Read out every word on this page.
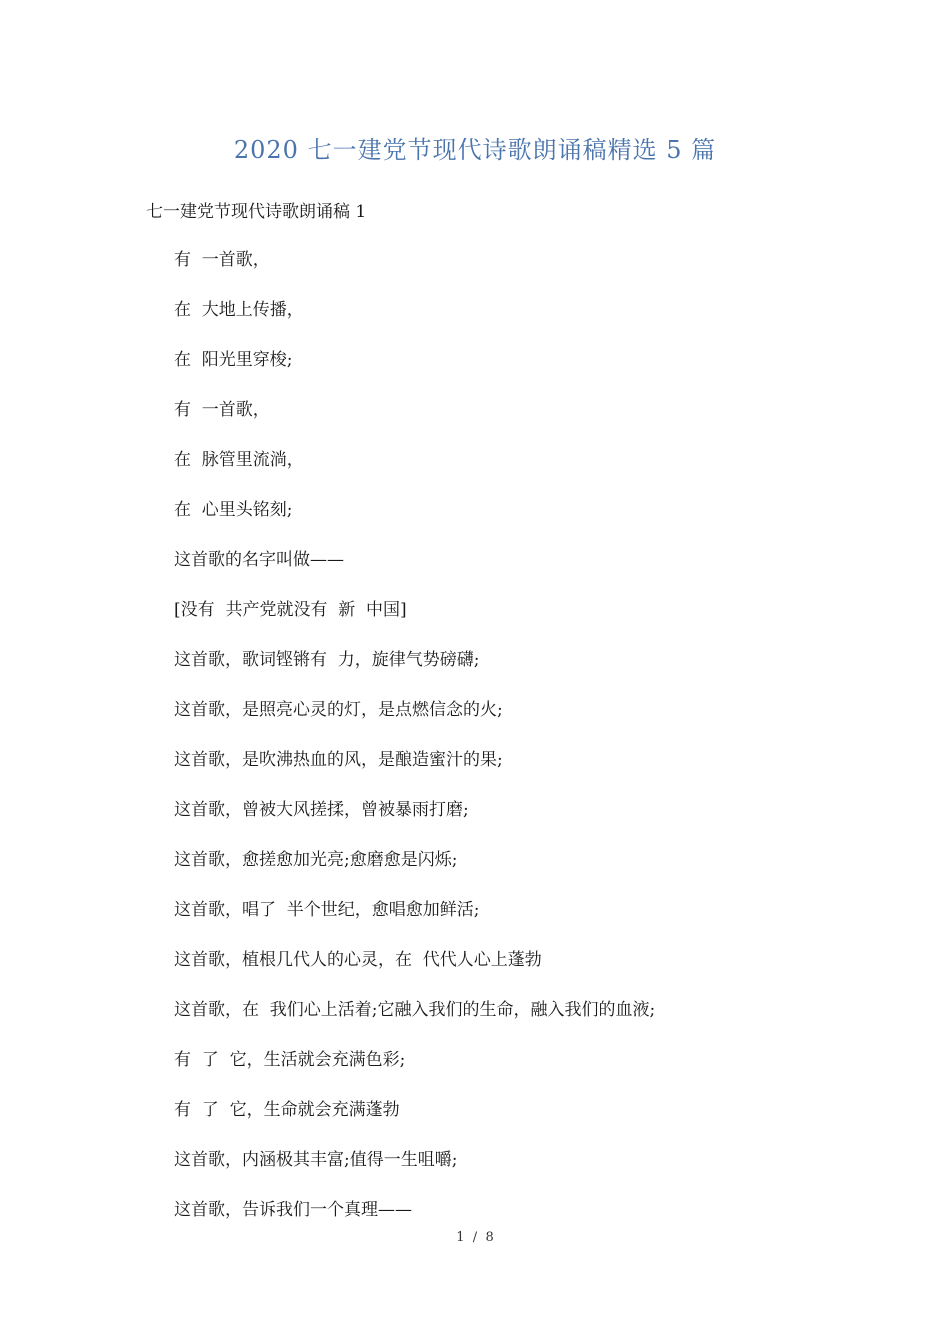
2020 七一建党节现代诗歌朗诵稿精选 5 篇
七一建党节现代诗歌朗诵稿 1
有  一首歌，
在  大地上传播，
在  阳光里穿梭;
有  一首歌，
在  脉管里流淌，
在  心里头铭刻;
这首歌的名字叫做——
[没有  共产党就没有  新  中国]
这首歌，歌词铿锵有  力，旋律气势磅礴;
这首歌，是照亮心灵的灯，是点燃信念的火;
这首歌，是吹沸热血的风，是酿造蜜汁的果;
这首歌，曾被大风搓揉，曾被暴雨打磨;
这首歌，愈搓愈加光亮;愈磨愈是闪烁;
这首歌，唱了  半个世纪，愈唱愈加鲜活;
这首歌，植根几代人的心灵，在  代代人心上蓬勃
这首歌，在  我们心上活着;它融入我们的生命，融入我们的血液;
有  了  它，生活就会充满色彩;
有  了  它，生命就会充满蓬勃
这首歌，内涵极其丰富;值得一生咀嚼;
这首歌，告诉我们一个真理——
1  /  8
